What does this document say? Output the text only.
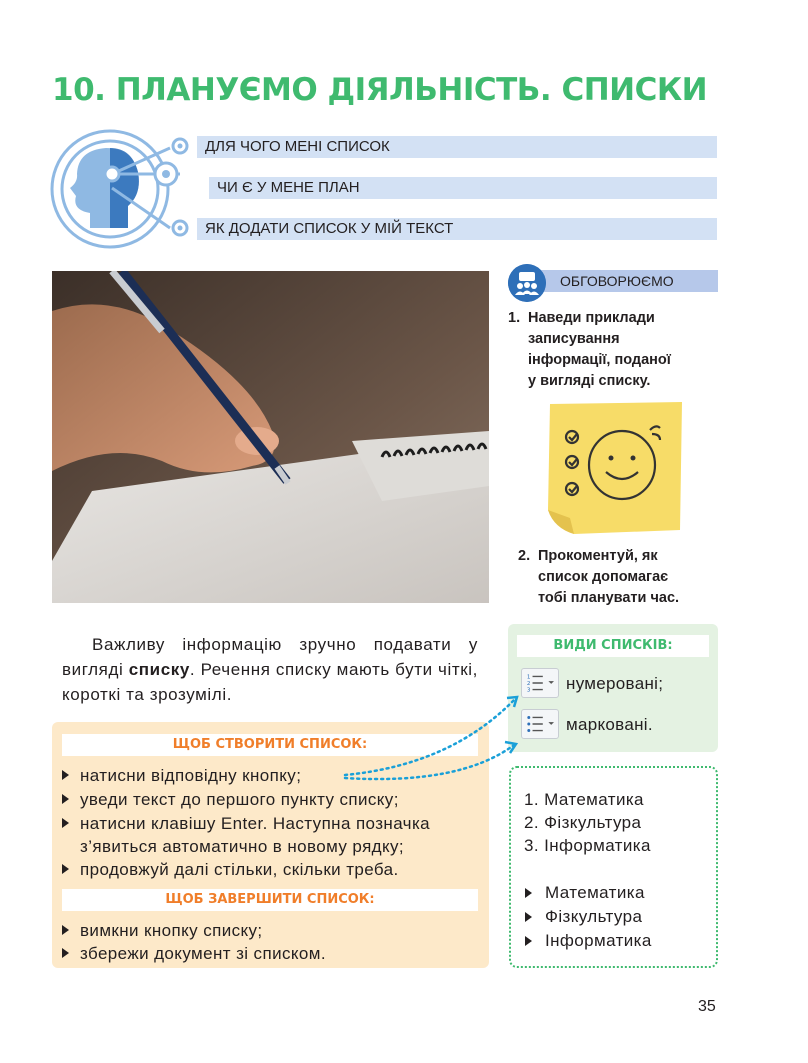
10. ПЛАНУЄМО ДІЯЛЬНІСТЬ. СПИСКИ
ДЛЯ ЧОГО МЕНІ СПИСОК
ЧИ Є У МЕНЕ ПЛАН
ЯК ДОДАТИ СПИСОК У МІЙ ТЕКСТ
ОБГОВОРЮЄМО
1. Наведи приклади
записування
інформації, поданої
у вигляді списку.
2. Прокоментуй, як
список допомагає
тобі планувати час.

Важливу інформацію зручно подавати у вигляді списку. Речення списку мають бути чіткі, короткі та зрозумілі.

ВИДИ СПИСКІВ:
1
2
3 нумеровані;
марковані.
ЩОБ СТВОРИТИ СПИСОК:
натисни відповідну кнопку;
уведи текст до першого пункту списку;
натисни клавішу Enter. Наступна позначка
з’явиться автоматично в новому рядку;
продовжуй далі стільки, скільки треба.
ЩОБ ЗАВЕРШИТИ СПИСОК:
вимкни кнопку списку;
збережи документ зі списком.
1. Математика
2. Фізкультура
3. Інформатика
Математика
Фізкультура
Інформатика
35
